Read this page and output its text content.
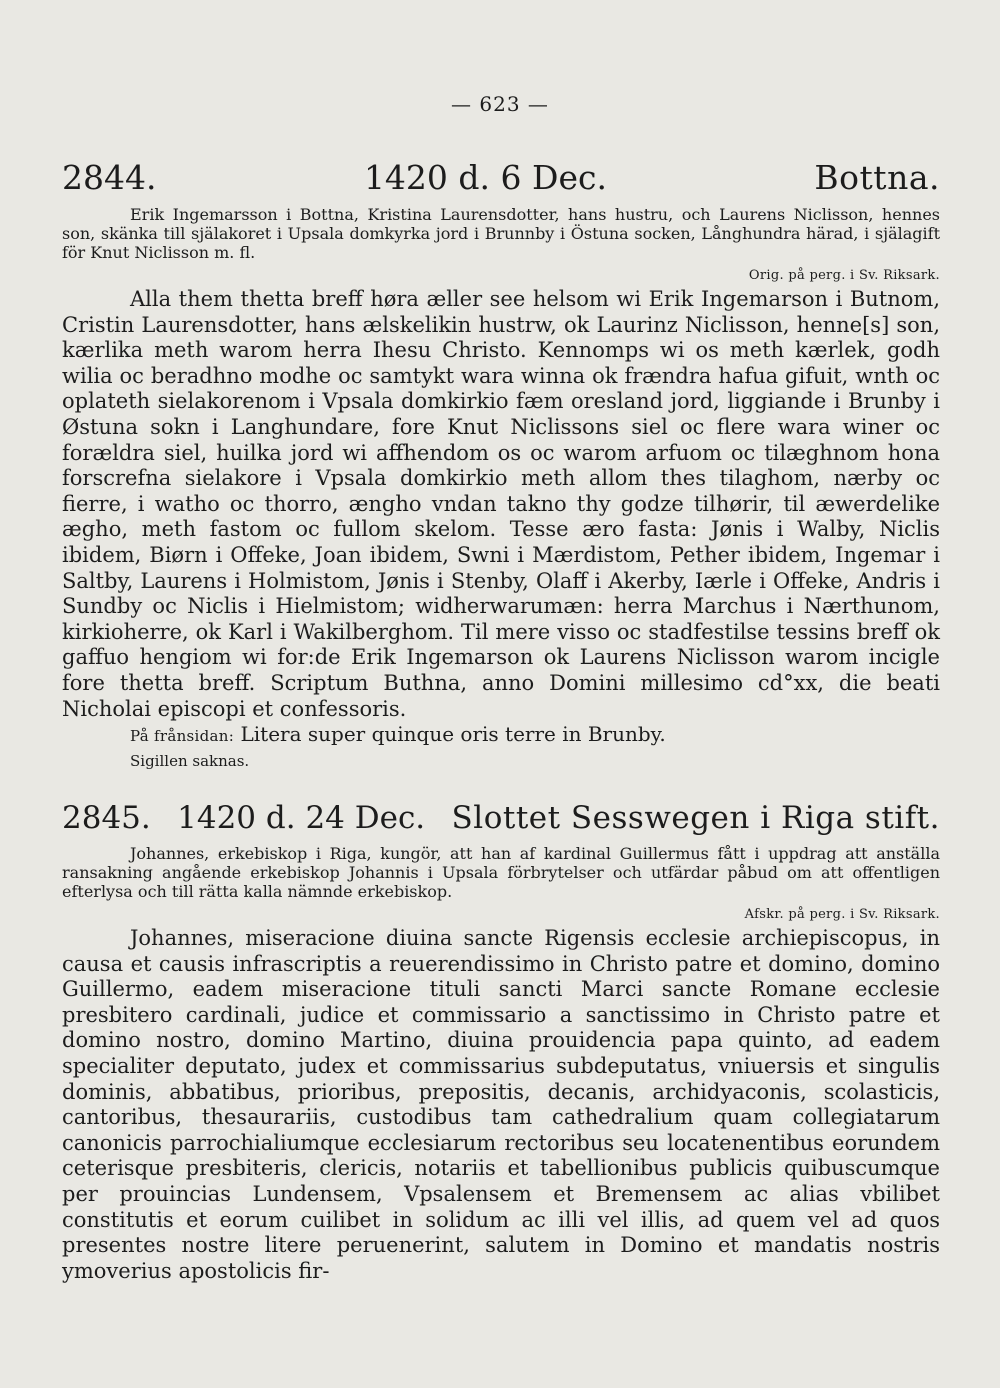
— 623 —
2844.	1420 d. 6 Dec.	Bottna.

Erik Ingemarsson i Bottna, Kristina Laurensdotter, hans hustru, och Laurens Niclisson, hennes son, skänka till själakoret i Upsala domkyrka jord i Brunnby i Östuna socken, Långhundra härad, i själagift för Knut Niclisson m. fl.

Orig. på perg. i Sv. Riksark.

Alla them thetta breff høra æller see helsom wi Erik Ingemarson i Butnom, Cristin Laurensdotter, hans ælskelikin hustrw, ok Laurinz Niclisson, henne[s] son, kærlika meth warom herra Ihesu Christo. Kennomps wi os meth kærlek, godh wilia oc beradhno modhe oc samtykt wara winna ok frændra hafua gifuit, wnth oc oplateth sielakorenom i Vpsala domkirkio fæm oresland jord, liggiande i Brunby i Østuna sokn i Langhundare, fore Knut Niclissons siel oc flere wara winer oc forældra siel, huilka jord wi affhendom os oc warom arfuom oc tilæghnom hona forscrefna sielakore i Vpsala domkirkio meth allom thes tilaghom, nærby oc fierre, i watho oc thorro, ængho vndan takno thy godze tilhørir, til æwerdelike ægho, meth fastom oc fullom skelom. Tesse æro fasta: Jønis i Walby, Niclis ibidem, Biørn i Offeke, Joan ibidem, Swni i Mærdistom, Pether ibidem, Ingemar i Saltby, Laurens i Holmistom, Jønis i Stenby, Olaff i Akerby, Iærle i Offeke, Andris i Sundby oc Niclis i Hielmistom; widherwarumæn: herra Marchus i Nærthunom, kirkioherre, ok Karl i Wakilberghom. Til mere visso oc stadfestilse tessins breff ok gaffuo hengiom wi for:de Erik Ingemarson ok Laurens Niclisson warom incigle fore thetta breff. Scriptum Buthna, anno Domini millesimo cd°xx, die beati Nicholai episcopi et confessoris.

På frånsidan: Litera super quinque oris terre in Brunby.
Sigillen saknas.
2845. 1420 d. 24 Dec. Slottet Sesswegen i Riga stift.

Johannes, erkebiskop i Riga, kungör, att han af kardinal Guillermus fått i uppdrag att anställa ransakning angående erkebiskop Johannis i Upsala förbrytelser och utfärdar påbud om att offentligen efterlysa och till rätta kalla nämnde erkebiskop.

Afskr. på perg. i Sv. Riksark.

Johannes, miseracione diuina sancte Rigensis ecclesie archiepiscopus, in causa et causis infrascriptis a reuerendissimo in Christo patre et domino, domino Guillermo, eadem miseracione tituli sancti Marci sancte Romane ecclesie presbitero cardinali, judice et commissario a sanctissimo in Christo patre et domino nostro, domino Martino, diuina prouidencia papa quinto, ad eadem specialiter deputato, judex et commissarius subdeputatus, vniuersis et singulis dominis, abbatibus, prioribus, prepositis, decanis, archidyaconis, scolasticis, cantoribus, thesaurariis, custodibus tam cathedralium quam collegiatarum canonicis parrochialiumque ecclesiarum rectoribus seu locatenentibus eorundem ceterisque presbiteris, clericis, notariis et tabellionibus publicis quibuscumque per prouincias Lundensem, Vpsalensem et Bremensem ac alias vbilibet constitutis et eorum cuilibet in solidum ac illi vel illis, ad quem vel ad quos presentes nostre litere peruenerint, salutem in Domino et mandatis nostris ymoverius apostolicis fir-
